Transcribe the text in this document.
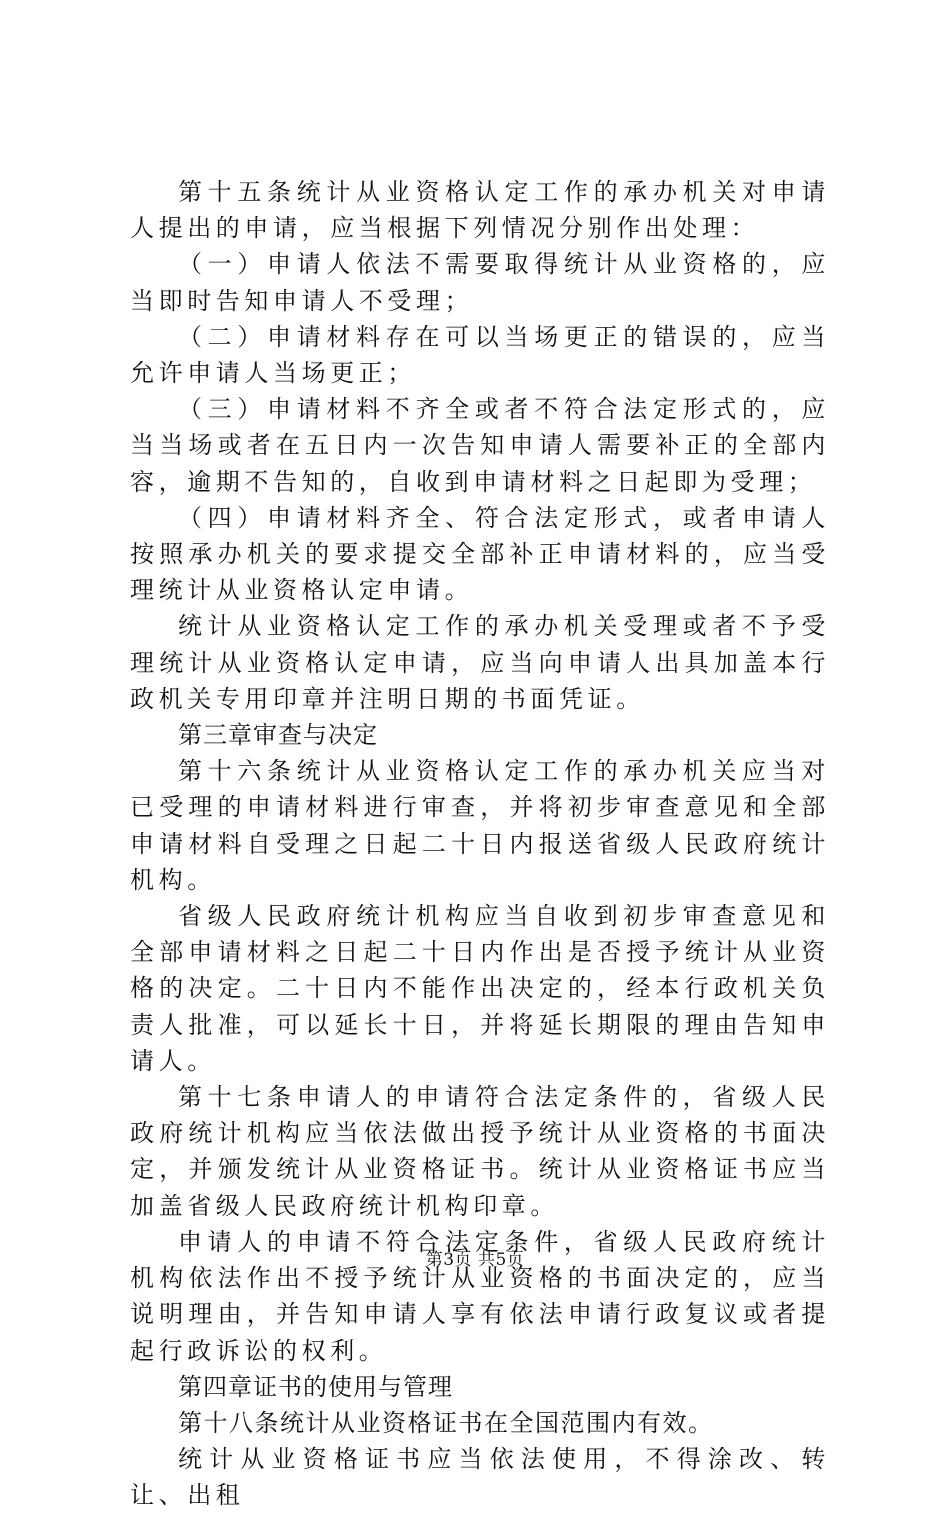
第十五条统计从业资格认定工作的承办机关对申请人提出的申请，应当根据下列情况分别作出处理：

（一）申请人依法不需要取得统计从业资格的，应当即时告知申请人不受理；

（二）申请材料存在可以当场更正的错误的，应当允许申请人当场更正；

（三）申请材料不齐全或者不符合法定形式的，应当当场或者在五日内一次告知申请人需要补正的全部内容，逾期不告知的，自收到申请材料之日起即为受理；

（四）申请材料齐全、符合法定形式，或者申请人按照承办机关的要求提交全部补正申请材料的，应当受理统计从业资格认定申请。

统计从业资格认定工作的承办机关受理或者不予受理统计从业资格认定申请，应当向申请人出具加盖本行政机关专用印章并注明日期的书面凭证。

第三章审查与决定

第十六条统计从业资格认定工作的承办机关应当对已受理的申请材料进行审查，并将初步审查意见和全部申请材料自受理之日起二十日内报送省级人民政府统计机构。

省级人民政府统计机构应当自收到初步审查意见和全部申请材料之日起二十日内作出是否授予统计从业资格的决定。二十日内不能作出决定的，经本行政机关负责人批准，可以延长十日，并将延长期限的理由告知申请人。

第十七条申请人的申请符合法定条件的，省级人民政府统计机构应当依法做出授予统计从业资格的书面决定，并颁发统计从业资格证书。统计从业资格证书应当加盖省级人民政府统计机构印章。

申请人的申请不符合法定条件，省级人民政府统计机构依法作出不授予统计从业资格的书面决定的，应当说明理由，并告知申请人享有依法申请行政复议或者提起行政诉讼的权利。

第四章证书的使用与管理

第十八条统计从业资格证书在全国范围内有效。

统计从业资格证书应当依法使用，不得涂改、转让、出租

第3页 共5页
